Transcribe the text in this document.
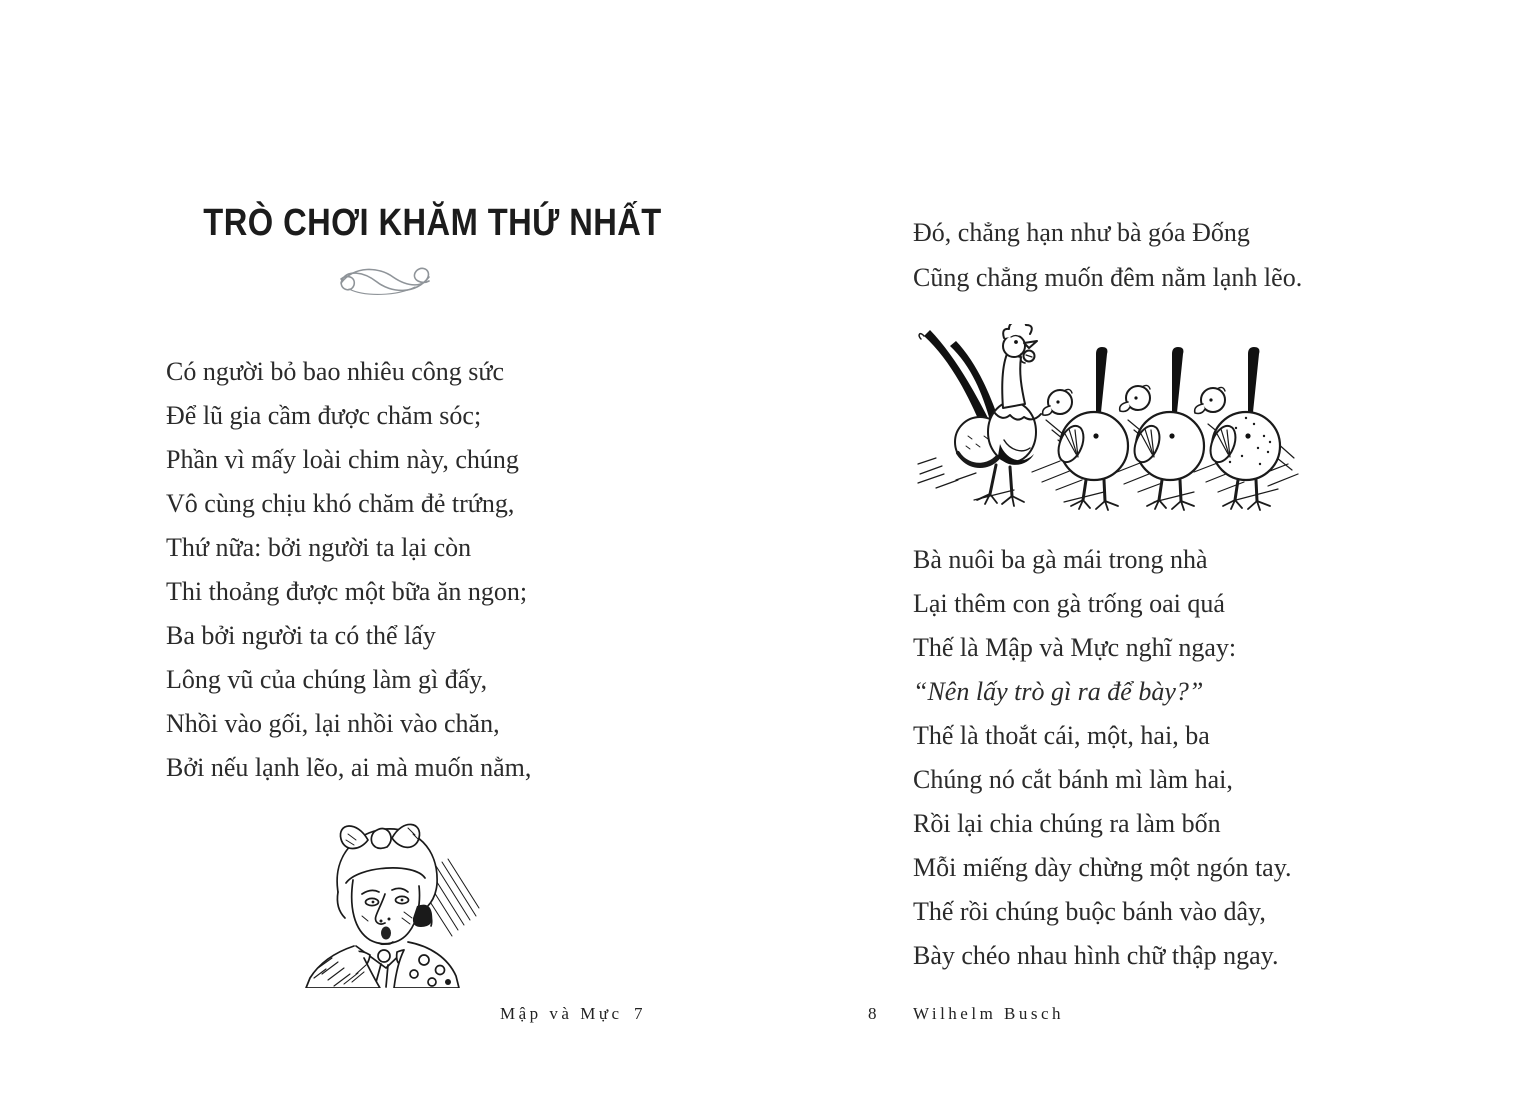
TRÒ CHƠI KHĂM THỨ NHẤT
Có người bỏ bao nhiêu công sức
Để lũ gia cầm được chăm sóc;
Phần vì mấy loài chim này, chúng
Vô cùng chịu khó chăm đẻ trứng,
Thứ nữa: bởi người ta lại còn
Thi thoảng được một bữa ăn ngon;
Ba bởi người ta có thể lấy
Lông vũ của chúng làm gì đấy,
Nhồi vào gối, lại nhồi vào chăn,
Bởi nếu lạnh lẽo, ai mà muốn nằm,
Mập và Mực 7
Đó, chẳng hạn như bà góa Đống
Cũng chẳng muốn đêm nằm lạnh lẽo.
Bà nuôi ba gà mái trong nhà
Lại thêm con gà trống oai quá
Thế là Mập và Mực nghĩ ngay:
“Nên lấy trò gì ra để bày?”
Thế là thoắt cái, một, hai, ba
Chúng nó cắt bánh mì làm hai,
Rồi lại chia chúng ra làm bốn
Mỗi miếng dày chừng một ngón tay.
Thế rồi chúng buộc bánh vào dây,
Bày chéo nhau hình chữ thập ngay.
8 Wilhelm Busch
